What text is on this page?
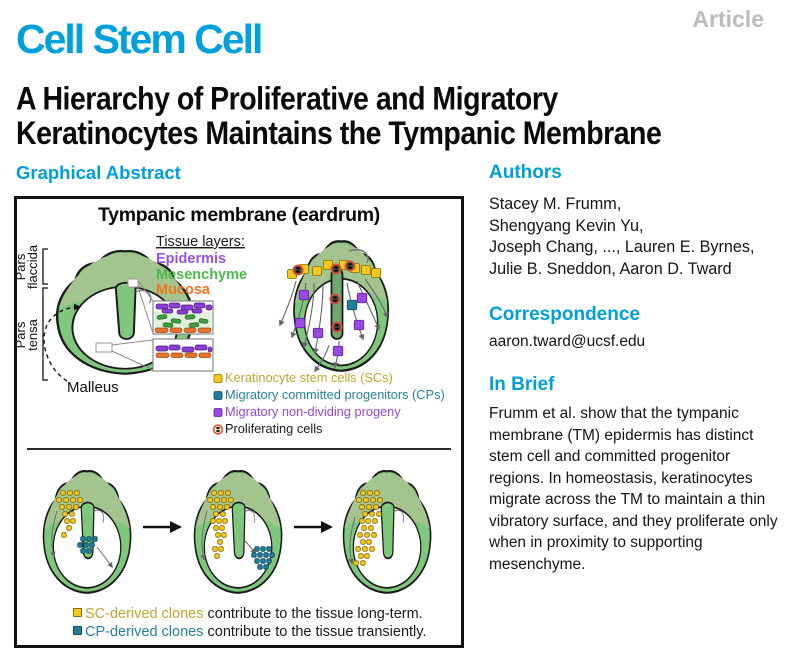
Article
Cell Stem Cell
A Hierarchy of Proliferative and Migratory
Keratinocytes Maintains the Tympanic Membrane
Graphical Abstract
Tympanic membrane (eardrum)
Pars
flaccida
Pars
tensa
Malleus
Tissue layers:
Epidermis
Mesenchyme
Mucosa
Keratinocyte stem cells (SCs)
Migratory committed progenitors (CPs)
Migratory non-dividing progeny
Proliferating cells
SC-derived clones contribute to the tissue long-term.
CP-derived clones contribute to the tissue transiently.
Authors
Stacey M. Frumm,
Shengyang Kevin Yu,
Joseph Chang, ..., Lauren E. Byrnes,
Julie B. Sneddon, Aaron D. Tward
Correspondence
aaron.tward@ucsf.edu
In Brief

Frumm et al. show that the tympanic membrane (TM) epidermis has distinct stem cell and committed progenitor regions. In homeostasis, keratinocytes migrate across the TM to maintain a thin vibratory surface, and they proliferate only when in proximity to supporting mesenchyme.
